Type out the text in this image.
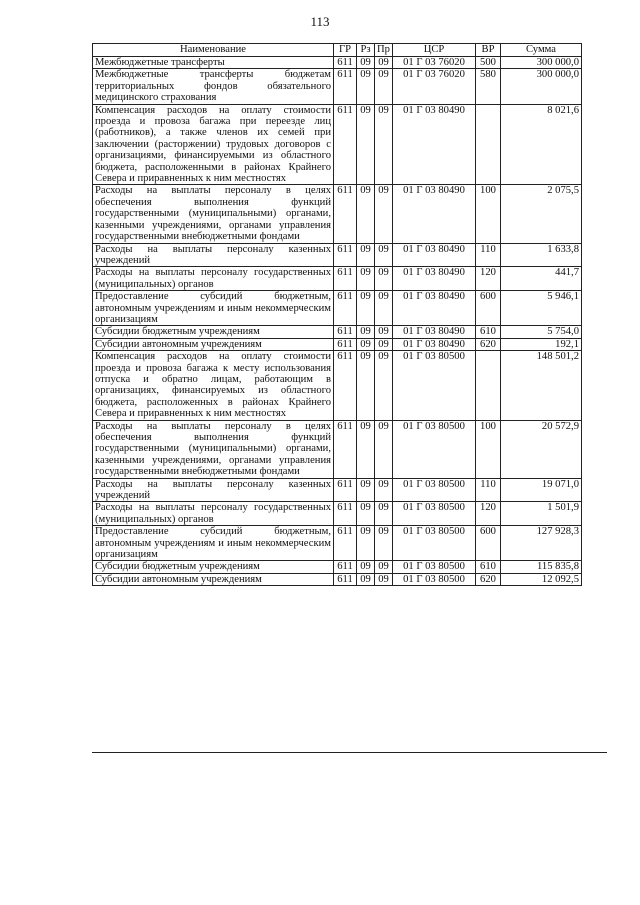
113
Наименование	ГР	Рз	Пр	ЦСР	ВР	Сумма
Межбюджетные трансферты	611	09	09	01 Г 03 76020	500	300 000,0
Межбюджетные трансферты бюджетам территориальных фондов обязательного медицинского страхования	611	09	09	01 Г 03 76020	580	300 000,0
Компенсация расходов на оплату стоимости проезда и провоза багажа при переезде лиц (работников), а также членов их семей при заключении (расторжении) трудовых договоров с организациями, финансируемыми из областного бюджета, расположенными в районах Крайнего Севера и приравненных к ним местностях	611	09	09	01 Г 03 80490		8 021,6
Расходы на выплаты персоналу в целях обеспечения выполнения функций государственными (муниципальными) органами, казенными учреждениями, органами управления государственными внебюджетными фондами	611	09	09	01 Г 03 80490	100	2 075,5
Расходы на выплаты персоналу казенных учреждений	611	09	09	01 Г 03 80490	110	1 633,8
Расходы на выплаты персоналу государственных (муниципальных) органов	611	09	09	01 Г 03 80490	120	441,7
Предоставление субсидий бюджетным, автономным учреждениям и иным некоммерческим организациям	611	09	09	01 Г 03 80490	600	5 946,1
Субсидии бюджетным учреждениям	611	09	09	01 Г 03 80490	610	5 754,0
Субсидии автономным учреждениям	611	09	09	01 Г 03 80490	620	192,1
Компенсация расходов на оплату стоимости проезда и провоза багажа к месту использования отпуска и обратно лицам, работающим в организациях, финансируемых из областного бюджета, расположенных в районах Крайнего Севера и приравненных к ним местностях	611	09	09	01 Г 03 80500		148 501,2
Расходы на выплаты персоналу в целях обеспечения выполнения функций государственными (муниципальными) органами, казенными учреждениями, органами управления государственными внебюджетными фондами	611	09	09	01 Г 03 80500	100	20 572,9
Расходы на выплаты персоналу казенных учреждений	611	09	09	01 Г 03 80500	110	19 071,0
Расходы на выплаты персоналу государственных (муниципальных) органов	611	09	09	01 Г 03 80500	120	1 501,9
Предоставление субсидий бюджетным, автономным учреждениям и иным некоммерческим организациям	611	09	09	01 Г 03 80500	600	127 928,3
Субсидии бюджетным учреждениям	611	09	09	01 Г 03 80500	610	115 835,8
Субсидии автономным учреждениям	611	09	09	01 Г 03 80500	620	12 092,5
